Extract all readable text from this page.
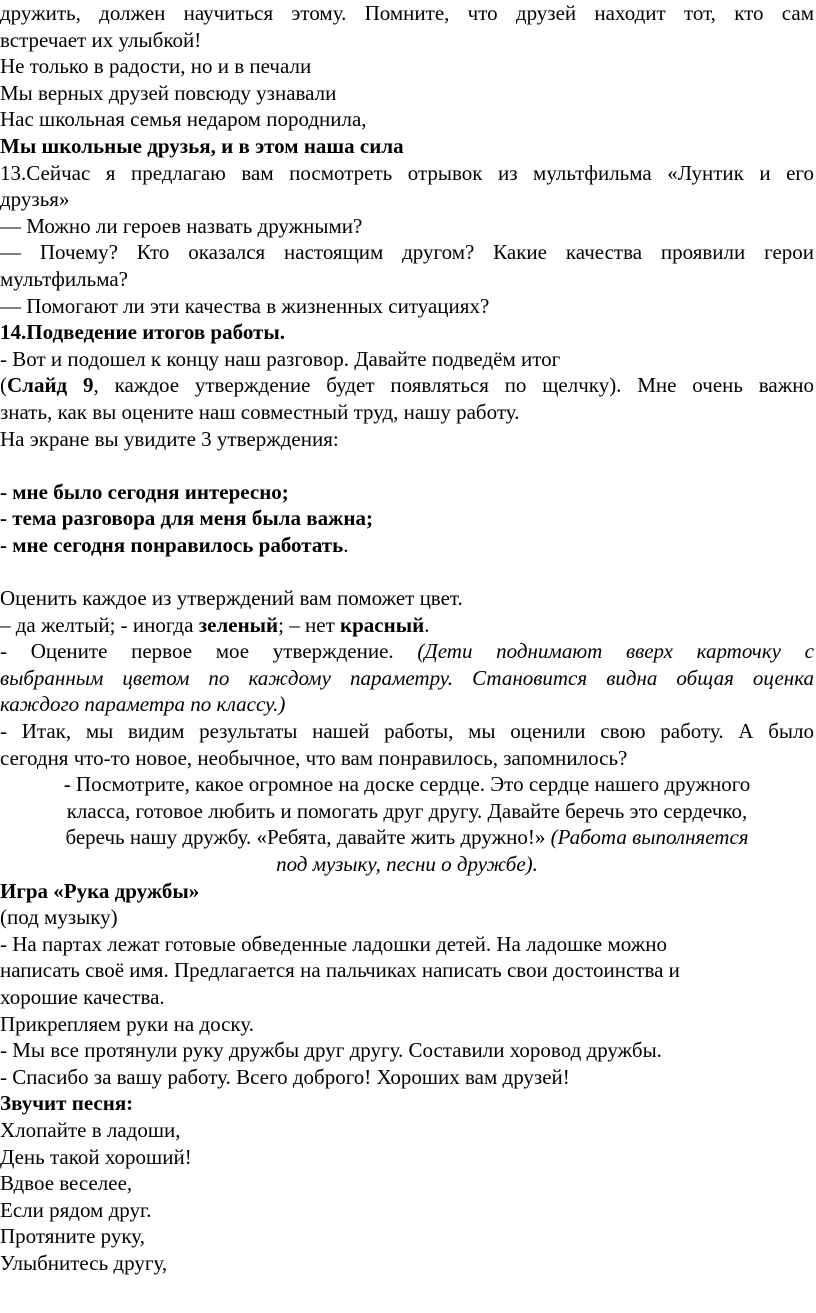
дружить, должен научиться этому. Помните, что друзей находит тот, кто сам

встречает их улыбкой!

Не только в радости, но и в печали

Мы верных друзей повсюду узнавали

Нас школьная семья недаром породнила,

Мы школьные друзья, и в этом наша сила

13.Сейчас я предлагаю вам посмотреть отрывок из мультфильма «Лунтик и его

друзья»

— Можно ли героев назвать дружными?

— Почему? Кто оказался настоящим другом? Какие качества проявили герои

мультфильма?

— Помогают ли эти качества в жизненных ситуациях?

14.Подведение итогов работы.

- Вот и подошел к концу наш разговор. Давайте подведём итог

(Слайд 9, каждое утверждение будет появляться по щелчку). Мне очень важно

знать, как вы оцените наш совместный труд, нашу работу.

На экране вы увидите 3 утверждения:

- мне было сегодня интересно;

- тема разговора для меня была важна;

- мне сегодня понравилось работать.

Оценить каждое из утверждений вам поможет цвет.

– да желтый; - иногда зеленый; – нет красный.

- Оцените первое мое утверждение. (Дети поднимают вверх карточку с

выбранным цветом по каждому параметру. Становится видна общая оценка

каждого параметра по классу.)

- Итак, мы видим результаты нашей работы, мы оценили свою работу. А было

сегодня что-то новое, необычное, что вам понравилось, запомнилось?

- Посмотрите, какое огромное на доске сердце. Это сердце нашего дружного

класса, готовое любить и помогать друг другу. Давайте беречь это сердечко,

беречь нашу дружбу. «Ребята, давайте жить дружно!» (Работа выполняется

под музыку, песни о дружбе).

Игра «Рука дружбы»

(под музыку)

- На партах лежат готовые обведенные ладошки детей. На ладошке можно

написать своё имя. Предлагается на пальчиках написать свои достоинства и

хорошие качества.

Прикрепляем руки на доску.

- Мы все протянули руку дружбы друг другу. Составили хоровод дружбы.

- Спасибо за вашу работу. Всего доброго! Хороших вам друзей!

Звучит песня:

Хлопайте в ладоши,

День такой хороший!

Вдвое веселее,

Если рядом друг.

Протяните руку,

Улыбнитесь другу,
